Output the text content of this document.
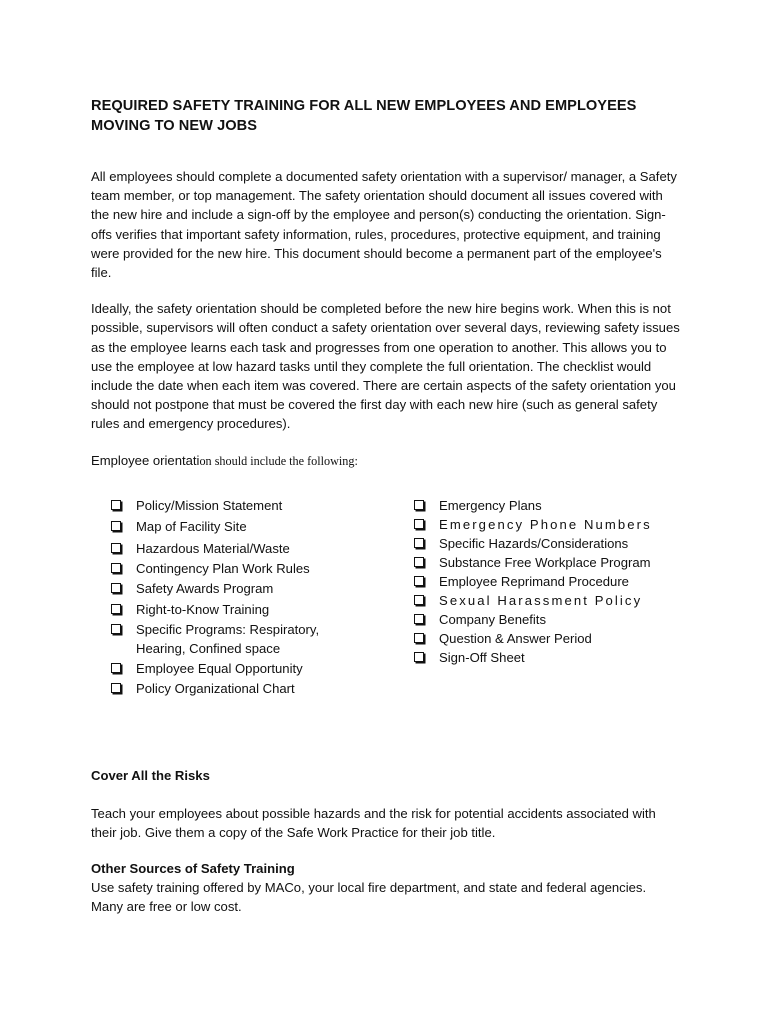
REQUIRED SAFETY TRAINING FOR ALL NEW EMPLOYEES AND EMPLOYEES MOVING TO NEW JOBS

All employees should complete a documented safety orientation with a supervisor/ manager, a Safety team member, or top management. The safety orientation should document all issues covered with the new hire and include a sign-off by the employee and person(s) conducting the orientation. Sign-offs verifies that important safety information, rules, procedures, protective equipment, and training were provided for the new hire. This document should become a permanent part of the employee's file.

Ideally, the safety orientation should be completed before the new hire begins work. When this is not possible, supervisors will often conduct a safety orientation over several days, reviewing safety issues as the employee learns each task and progresses from one operation to another. This allows you to use the employee at low hazard tasks until they complete the full orientation. The checklist would include the date when each item was covered. There are certain aspects of the safety orientation you should not postpone that must be covered the first day with each new hire (such as general safety rules and emergency procedures).

Employee orientation should include the following:

Policy/Mission Statement
Map of Facility Site
Hazardous Material/Waste
Contingency Plan Work Rules
Safety Awards Program
Right-to-Know Training
Specific Programs: Respiratory, Hearing, Confined space
Employee Equal Opportunity
Policy Organizational Chart
Emergency Plans
Emergency Phone Numbers
Specific Hazards/Considerations
Substance Free Workplace Program
Employee Reprimand Procedure
Sexual Harassment Policy
Company Benefits
Question & Answer Period
Sign-Off Sheet
Cover All the Risks

Teach your employees about possible hazards and the risk for potential accidents associated with their job. Give them a copy of the Safe Work Practice for their job title.

Other Sources of Safety Training

Use safety training offered by MACo, your local fire department, and state and federal agencies. Many are free or low cost.
